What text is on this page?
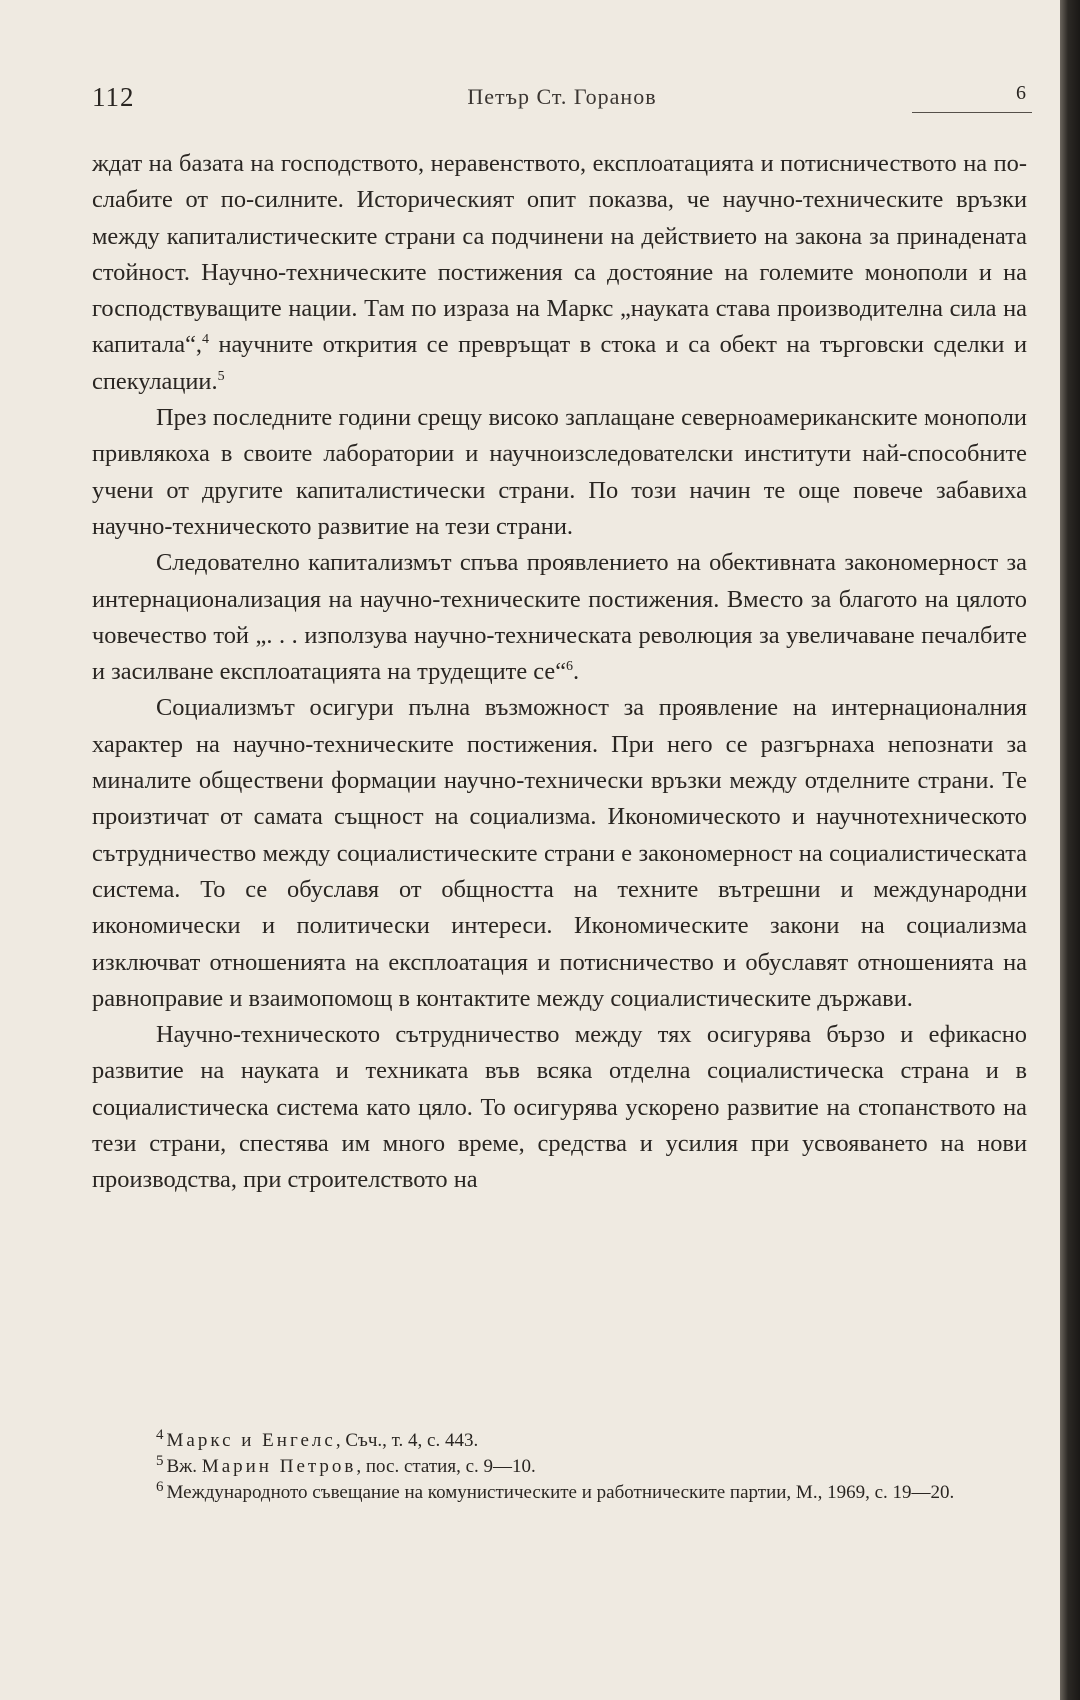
112	Петър Ст. Горанов	6

ждат на базата на господството, неравенството, експлоатацията и потисничеството на по-слабите от по-силните. Историческият опит показва, че научно-техническите връзки между капиталистическите страни са подчинени на действието на закона за принадената стойност. Научно-техническите постижения са достояние на големите монополи и на господствуващите нации. Там по израза на Маркс „науката става производителна сила на капитала“,$^4$ научните открития се превръщат в стока и са обект на търговски сделки и спекулации.$^5$

През последните години срещу високо заплащане северноамериканските монополи привлякоха в своите лаборатории и научноизследователски институти най-способните учени от другите капиталистически страни. По този начин те още повече забавиха научно-техническото развитие на тези страни.

Следователно капитализмът спъва проявлението на обективната закономерност за интернационализация на научно-техническите постижения. Вместо за благото на цялото човечество той „. . . използува научно-техническата революция за увеличаване печалбите и засилване експлоатацията на трудещите се“$^6$.

Социализмът осигури пълна възможност за проявление на интернационалния характер на научно-техническите постижения. При него се разгърнаха непознати за миналите обществени формации научно-технически връзки между отделните страни. Те произтичат от самата същност на социализма. Икономическото и научнотехническото сътрудничество между социалистическите страни е закономерност на социалистическата система. То се обуславя от общността на техните вътрешни и международни икономически и политически интереси. Икономическите закони на социализма изключват отношенията на експлоатация и потисничество и обуславят отношенията на равноправие и взаимопомощ в контактите между социалистическите държави.

Научно-техническото сътрудничество между тях осигурява бързо и ефикасно развитие на науката и техниката във всяка отделна социалистическа страна и в социалистическа система като цяло. То осигурява ускорено развитие на стопанството на тези страни, спестява им много време, средства и усилия при усвояването на нови производства, при строителството на

$^4$ Маркс и Енгелс, Съч., т. 4, с. 443.

$^5$ Вж. Марин Петров, пос. статия, с. 9—10.

$^6$ Международното съвещание на комунистическите и работническите партии, М., 1969, с. 19—20.
